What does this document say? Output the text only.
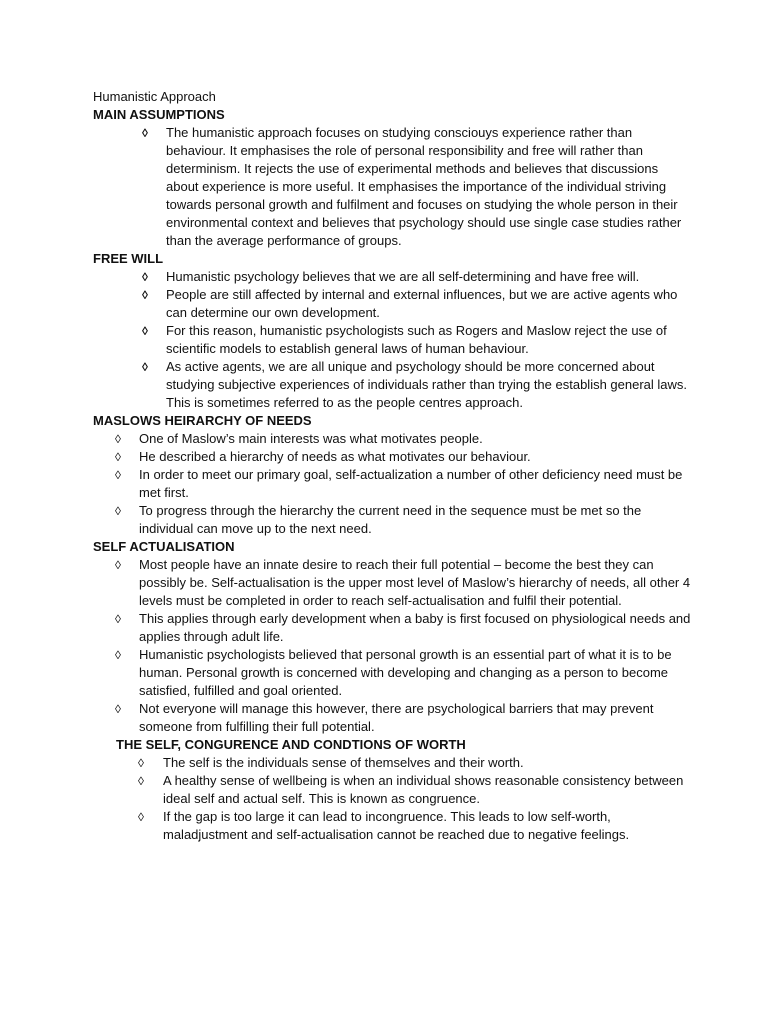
Humanistic Approach

MAIN ASSUMPTIONS

◊ The humanistic approach focuses on studying consciouys experience rather than behaviour. It emphasises the role of personal responsibility and free will rather than determinism. It rejects the use of experimental methods and believes that discussions about experience is more useful. It emphasises the importance of the individual striving towards personal growth and fulfilment and focuses on studying the whole person in their environmental context and believes that psychology should use single case studies rather than the average performance of groups.

FREE WILL

◊ Humanistic psychology believes that we are all self-determining and have free will.
◊ People are still affected by internal and external influences, but we are active agents who can determine our own development.
◊ For this reason, humanistic psychologists such as Rogers and Maslow reject the use of scientific models to establish general laws of human behaviour.
◊ As active agents, we are all unique and psychology should be more concerned about studying subjective experiences of individuals rather than trying the establish general laws. This is sometimes referred to as the people centres approach.

MASLOWS HEIRARCHY OF NEEDS

◊ One of Maslow’s main interests was what motivates people.
◊ He described a hierarchy of needs as what motivates our behaviour.
◊ In order to meet our primary goal, self-actualization a number of other deficiency need must be met first.
◊ To progress through the hierarchy the current need in the sequence must be met so the individual can move up to the next need.

SELF ACTUALISATION

◊ Most people have an innate desire to reach their full potential – become the best they can possibly be. Self-actualisation is the upper most level of Maslow’s hierarchy of needs, all other 4 levels must be completed in order to reach self-actualisation and fulfil their potential.
◊ This applies through early development when a baby is first focused on physiological needs and applies through adult life.
◊ Humanistic psychologists believed that personal growth is an essential part of what it is to be human. Personal growth is concerned with developing and changing as a person to become satisfied, fulfilled and goal oriented.
◊ Not everyone will manage this however, there are psychological barriers that may prevent someone from fulfilling their full potential.

THE SELF, CONGURENCE AND CONDTIONS OF WORTH

◊ The self is the individuals sense of themselves and their worth.
◊ A healthy sense of wellbeing is when an individual shows reasonable consistency between ideal self and actual self. This is known as congruence.
◊ If the gap is too large it can lead to incongruence. This leads to low self-worth, maladjustment and self-actualisation cannot be reached due to negative feelings.
